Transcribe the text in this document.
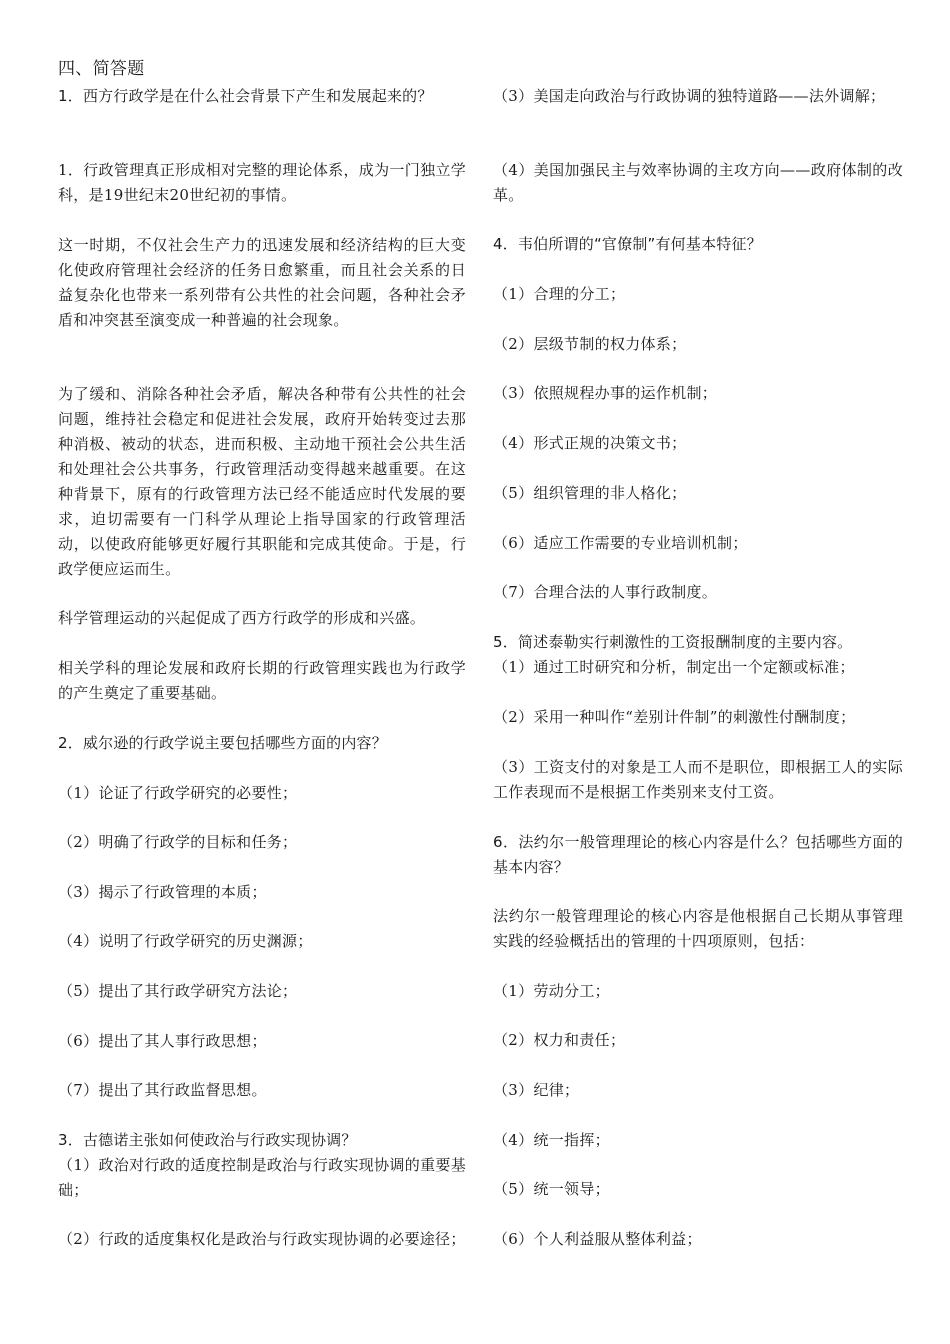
四、简答题

1．西方行政学是在什么社会背景下产生和发展起来的？

1．行政管理真正形成相对完整的理论体系，成为一门独立学科，是19世纪末20世纪初的事情。

这一时期，不仅社会生产力的迅速发展和经济结构的巨大变化使政府管理社会经济的任务日愈繁重，而且社会关系的日益复杂化也带来一系列带有公共性的社会问题，各种社会矛盾和冲突甚至演变成一种普遍的社会现象。

为了缓和、消除各种社会矛盾，解决各种带有公共性的社会问题，维持社会稳定和促进社会发展，政府开始转变过去那种消极、被动的状态，进而积极、主动地干预社会公共生活和处理社会公共事务，行政管理活动变得越来越重要。在这种背景下，原有的行政管理方法已经不能适应时代发展的要求，迫切需要有一门科学从理论上指导国家的行政管理活动，以使政府能够更好履行其职能和完成其使命。于是，行政学便应运而生。

科学管理运动的兴起促成了西方行政学的形成和兴盛。

相关学科的理论发展和政府长期的行政管理实践也为行政学的产生奠定了重要基础。

2．威尔逊的行政学说主要包括哪些方面的内容？

（1）论证了行政学研究的必要性；

（2）明确了行政学的目标和任务；

（3）揭示了行政管理的本质；

（4）说明了行政学研究的历史渊源；

（5）提出了其行政学研究方法论；

（6）提出了其人事行政思想；

（7）提出了其行政监督思想。

3．古德诺主张如何使政治与行政实现协调？

（1）政治对行政的适度控制是政治与行政实现协调的重要基础；

（2）行政的适度集权化是政治与行政实现协调的必要途径；

（3）美国走向政治与行政协调的独特道路——法外调解；

（4）美国加强民主与效率协调的主攻方向——政府体制的改革。

4．韦伯所谓的“官僚制”有何基本特征？

（1）合理的分工；

（2）层级节制的权力体系；

（3）依照规程办事的运作机制；

（4）形式正规的决策文书；

（5）组织管理的非人格化；

（6）适应工作需要的专业培训机制；

（7）合理合法的人事行政制度。

5．简述泰勒实行刺激性的工资报酬制度的主要内容。

（1）通过工时研究和分析，制定出一个定额或标准；

（2）采用一种叫作“差别计件制”的刺激性付酬制度；

（3）工资支付的对象是工人而不是职位，即根据工人的实际工作表现而不是根据工作类别来支付工资。

6．法约尔一般管理理论的核心内容是什么？包括哪些方面的基本内容？

法约尔一般管理理论的核心内容是他根据自己长期从事管理实践的经验概括出的管理的十四项原则，包括：

（1）劳动分工；

（2）权力和责任；

（3）纪律；

（4）统一指挥；

（5）统一领导；

（6）个人利益服从整体利益；
